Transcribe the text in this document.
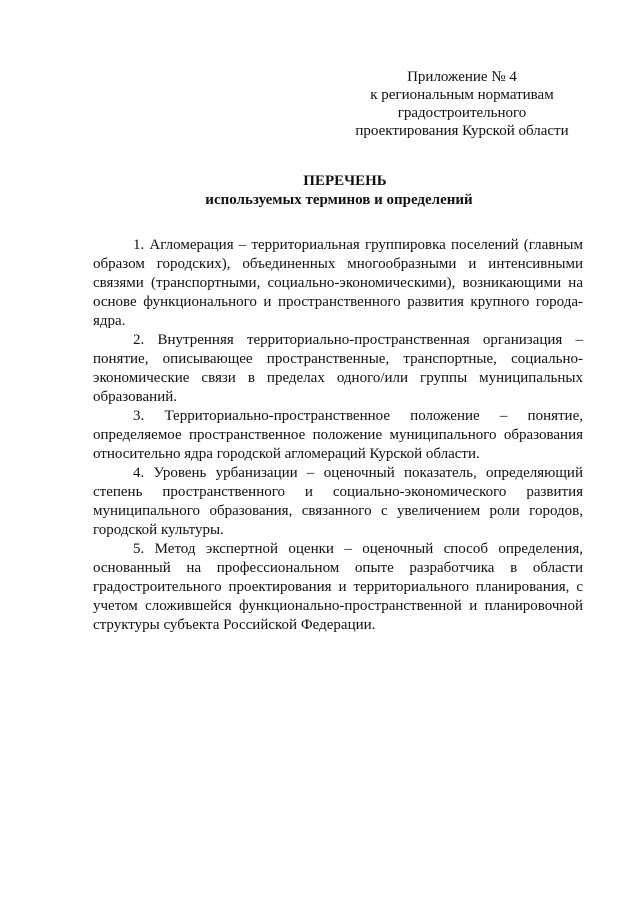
Приложение № 4
к региональным нормативам
градостроительного
проектирования Курской области
ПЕРЕЧЕНЬ
используемых терминов и определений

1. Агломерация – территориальная группировка поселений (главным образом городских), объединенных многообразными и интенсивными связями (транспортными, социально-экономическими), возникающими на основе функционального и пространственного развития крупного города-ядра.

2. Внутренняя территориально-пространственная организация – понятие, описывающее пространственные, транспортные, социально-экономические связи в пределах одного/или группы муниципальных образований.

3. Территориально-пространственное положение – понятие, определяемое пространственное положение муниципального образования относительно ядра городской агломераций Курской области.

4. Уровень урбанизации – оценочный показатель, определяющий степень пространственного и социально-экономического развития муниципального образования, связанного с увеличением роли городов, городской культуры.

5. Метод экспертной оценки – оценочный способ определения, основанный на профессиональном опыте разработчика в области градостроительного проектирования и территориального планирования, с учетом сложившейся функционально-пространственной и планировочной структуры субъекта Российской Федерации.
